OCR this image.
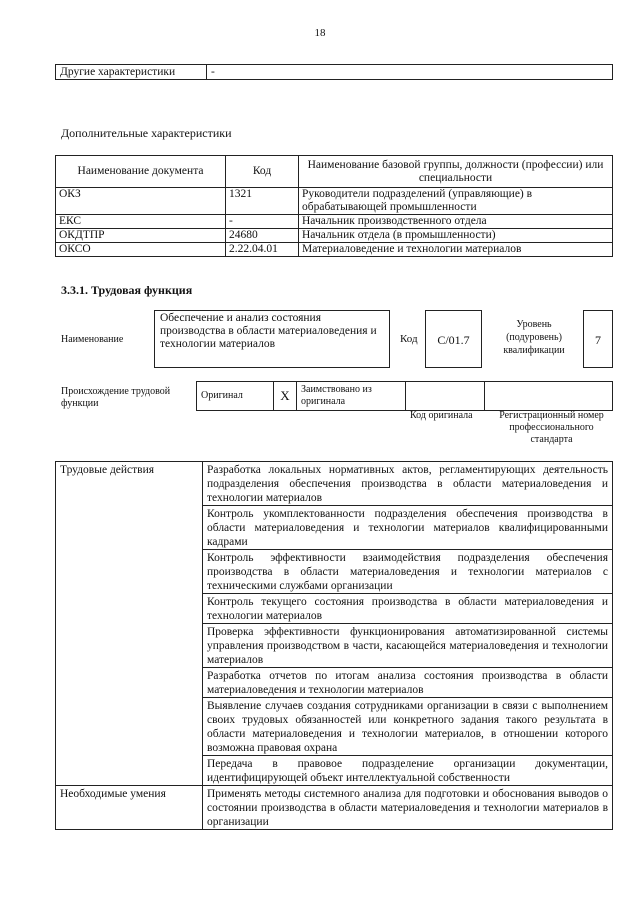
18
Другие характеристики	-
Дополнительные характеристики
Наименование документа	Код	Наименование базовой группы, должности (профессии) или специальности
ОКЗ	1321	Руководители подразделений (управляющие) в обрабатывающей промышленности
ЕКС	-	Начальник производственного отдела
ОКДТПР	24680	Начальник отдела (в промышленности)
ОКСО	2.22.04.01	Материаловедение и технологии материалов
3.3.1. Трудовая функция
Наименование
Обеспечение и анализ состояния производства в области материаловедения и технологии материалов	Код	C/01.7
Уровень (подуровень) квалификации
7
Происхождение трудовой функции
Оригинал	X	Заимствовано из оригинала		
Код оригинала	Регистрационный номер профессионального стандарта
Трудовые действия	Разработка локальных нормативных актов, регламентирующих деятельность подразделения обеспечения производства в области материаловедения и технологии материалов
	Контроль укомплектованности подразделения обеспечения производства в области материаловедения и технологии материалов квалифицированными кадрами
	Контроль эффективности взаимодействия подразделения обеспечения производства в области материаловедения и технологии материалов с техническими службами организации
	Контроль текущего состояния производства в области материаловедения и технологии материалов
	Проверка эффективности функционирования автоматизированной системы управления производством в части, касающейся материаловедения и технологии материалов
	Разработка отчетов по итогам анализа состояния производства в области материаловедения и технологии материалов
	Выявление случаев создания сотрудниками организации в связи с выполнением своих трудовых обязанностей или конкретного задания такого результата в области материаловедения и технологии материалов, в отношении которого возможна правовая охрана
	Передача в правовое подразделение организации документации, идентифицирующей объект интеллектуальной собственности
Необходимые умения	Применять методы системного анализа для подготовки и обоснования выводов о состоянии производства в области материаловедения и технологии материалов в организации
